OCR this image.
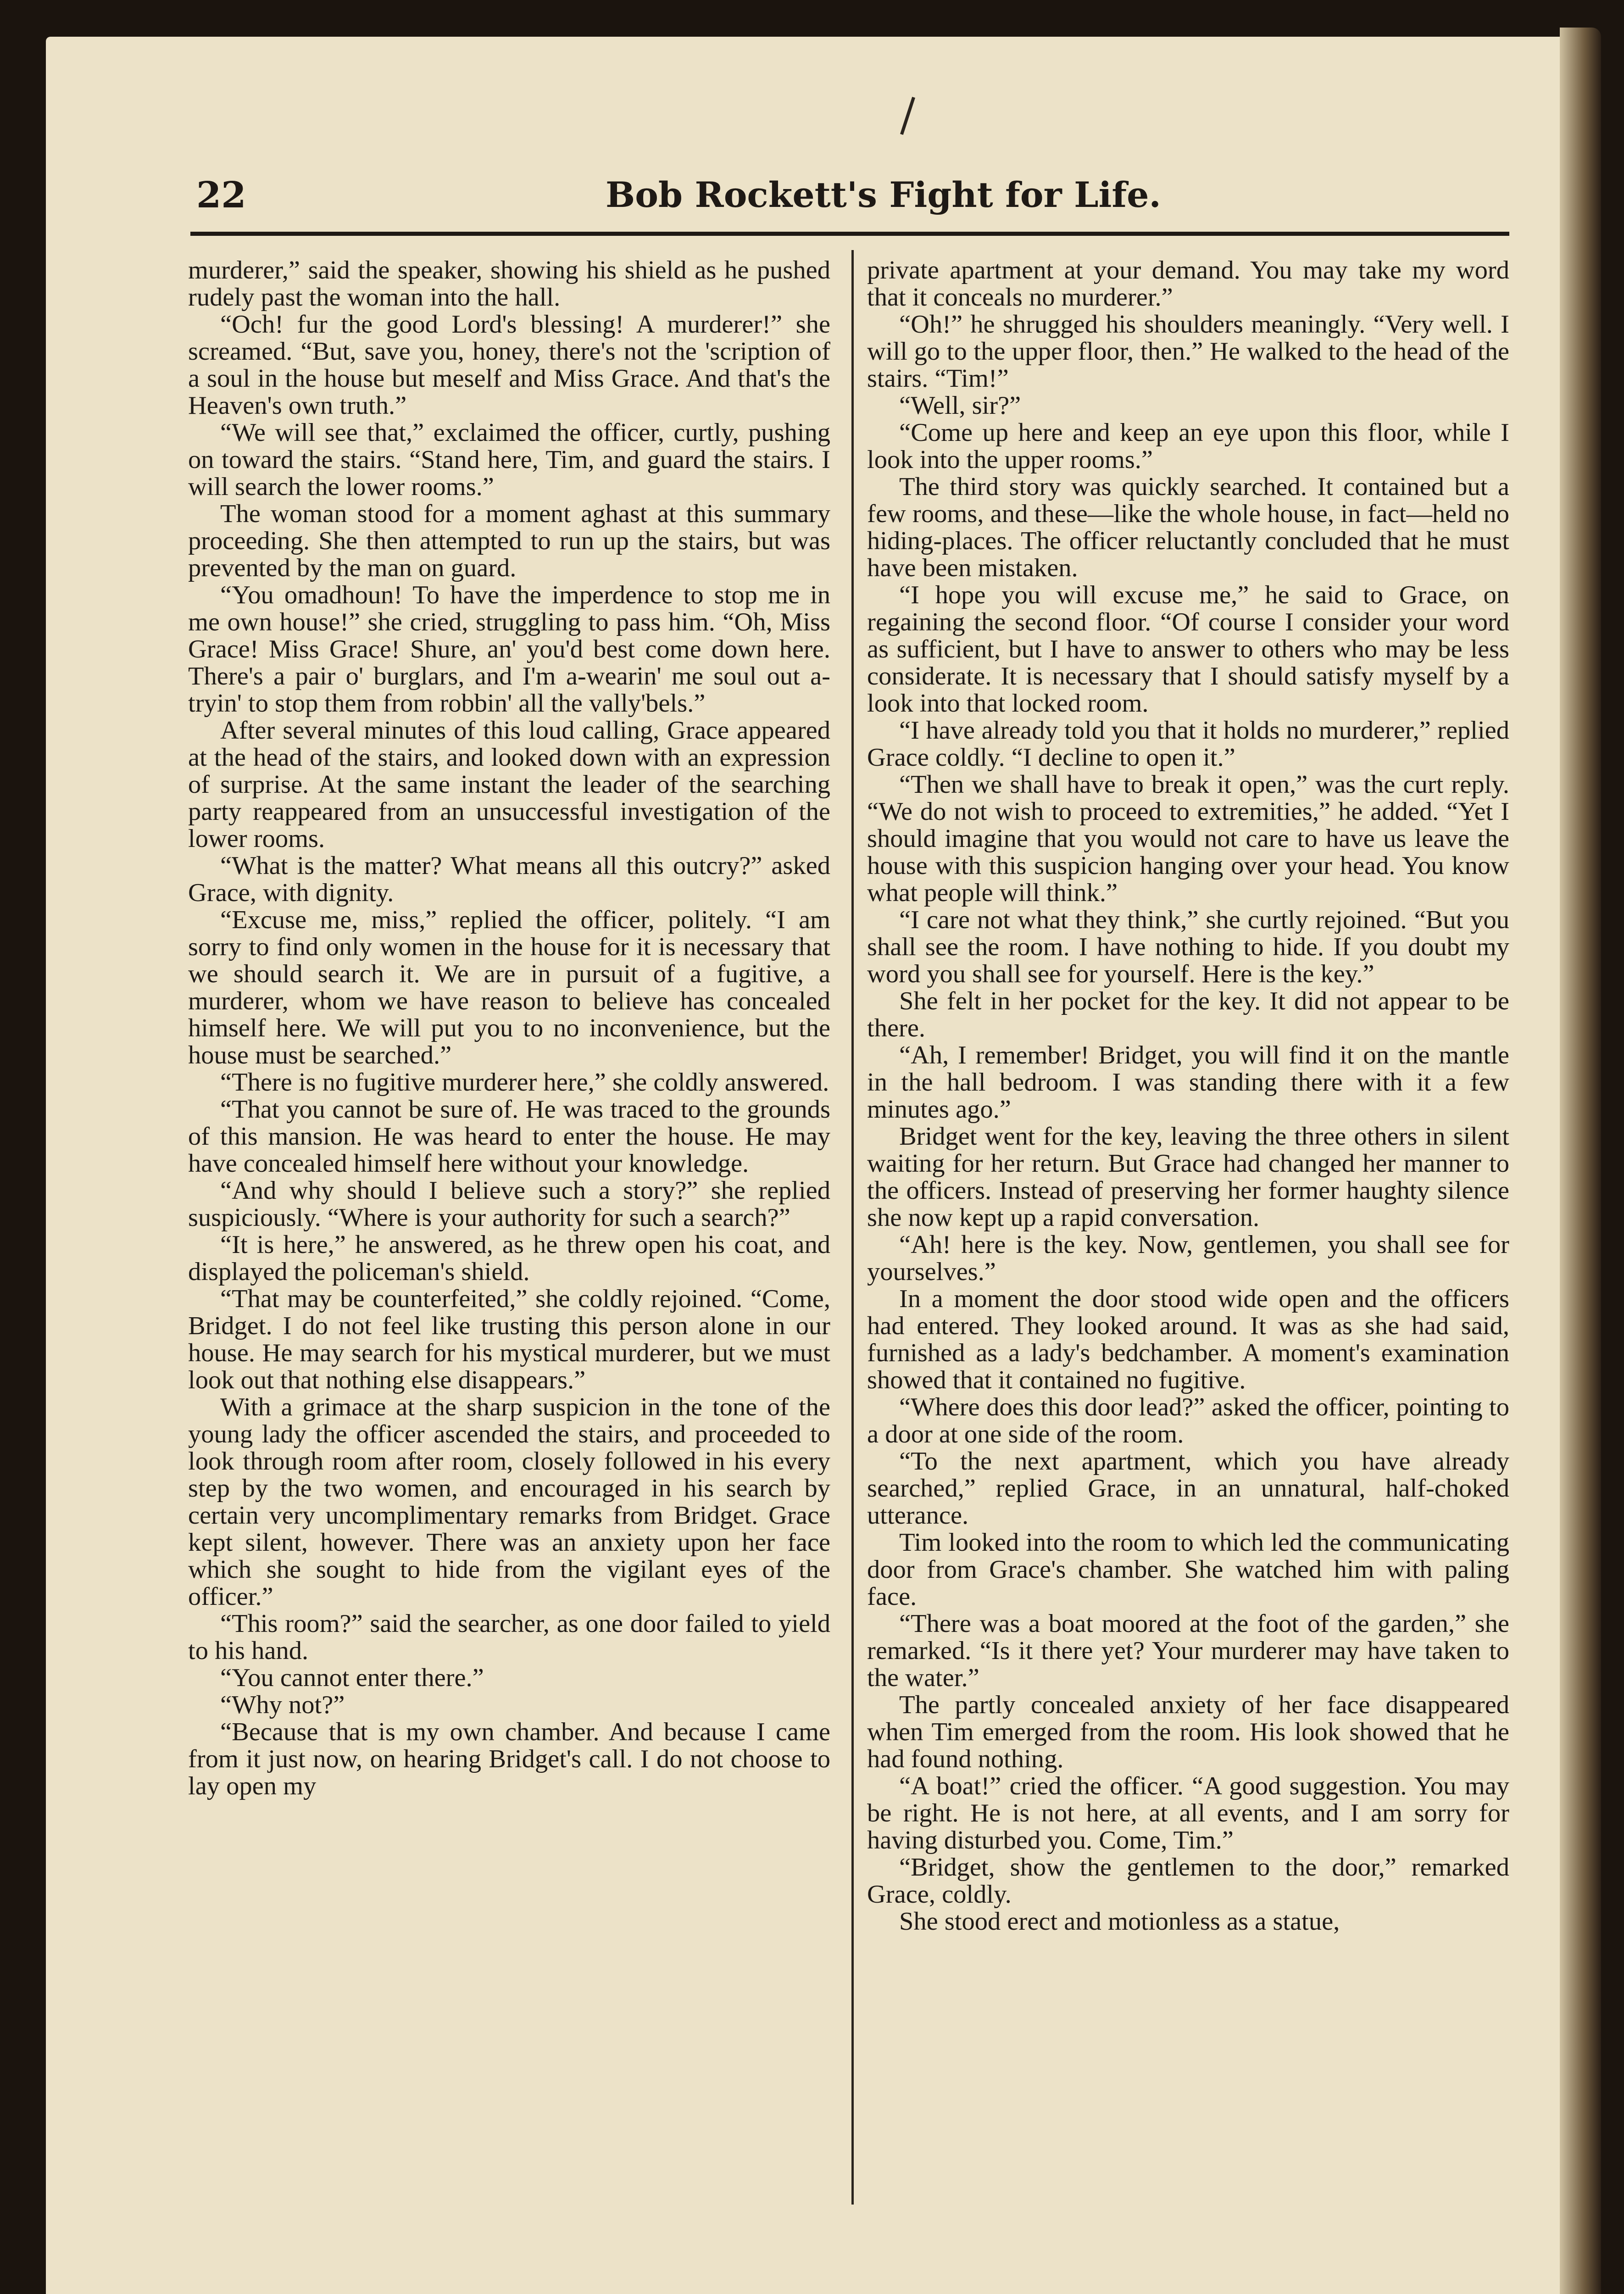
22	Bob Rockett's Fight for Life.

murderer,” said the speaker, showing his shield as he pushed rudely past the woman into the hall.

“Och! fur the good Lord's blessing! A murderer!” she screamed. “But, save you, honey, there's not the 'scription of a soul in the house but meself and Miss Grace. And that's the Heaven's own truth.”

“We will see that,” exclaimed the officer, curtly, pushing on toward the stairs. “Stand here, Tim, and guard the stairs. I will search the lower rooms.”

The woman stood for a moment aghast at this summary proceeding. She then attempted to run up the stairs, but was prevented by the man on guard.

“You omadhoun! To have the imperdence to stop me in me own house!” she cried, struggling to pass him. “Oh, Miss Grace! Miss Grace! Shure, an' you'd best come down here. There's a pair o' burglars, and I'm a-wearin' me soul out a-tryin' to stop them from robbin' all the vally'bels.”

After several minutes of this loud calling, Grace appeared at the head of the stairs, and looked down with an expression of surprise. At the same instant the leader of the searching party reappeared from an unsuccessful investigation of the lower rooms.

“What is the matter? What means all this outcry?” asked Grace, with dignity.

“Excuse me, miss,” replied the officer, politely. “I am sorry to find only women in the house for it is necessary that we should search it. We are in pursuit of a fugitive, a murderer, whom we have reason to believe has concealed himself here. We will put you to no inconvenience, but the house must be searched.”

“There is no fugitive murderer here,” she coldly answered.

“That you cannot be sure of. He was traced to the grounds of this mansion. He was heard to enter the house. He may have concealed himself here without your knowledge.

“And why should I believe such a story?” she replied suspiciously. “Where is your authority for such a search?”

“It is here,” he answered, as he threw open his coat, and displayed the policeman's shield.

“That may be counterfeited,” she coldly rejoined. “Come, Bridget. I do not feel like trusting this person alone in our house. He may search for his mystical murderer, but we must look out that nothing else disappears.”

With a grimace at the sharp suspicion in the tone of the young lady the officer ascended the stairs, and proceeded to look through room after room, closely followed in his every step by the two women, and encouraged in his search by certain very uncomplimentary remarks from Bridget. Grace kept silent, however. There was an anxiety upon her face which she sought to hide from the vigilant eyes of the officer.”

“This room?” said the searcher, as one door failed to yield to his hand.

“You cannot enter there.”

“Why not?”

“Because that is my own chamber. And because I came from it just now, on hearing Bridget's call. I do not choose to lay open my

private apartment at your demand. You may take my word that it conceals no murderer.”

“Oh!” he shrugged his shoulders meaningly. “Very well. I will go to the upper floor, then.” He walked to the head of the stairs. “Tim!”

“Well, sir?”

“Come up here and keep an eye upon this floor, while I look into the upper rooms.”

The third story was quickly searched. It contained but a few rooms, and these—like the whole house, in fact—held no hiding-places. The officer reluctantly concluded that he must have been mistaken.

“I hope you will excuse me,” he said to Grace, on regaining the second floor. “Of course I consider your word as sufficient, but I have to answer to others who may be less considerate. It is necessary that I should satisfy myself by a look into that locked room.

“I have already told you that it holds no murderer,” replied Grace coldly. “I decline to open it.”

“Then we shall have to break it open,” was the curt reply. “We do not wish to proceed to extremities,” he added. “Yet I should imagine that you would not care to have us leave the house with this suspicion hanging over your head. You know what people will think.”

“I care not what they think,” she curtly rejoined. “But you shall see the room. I have nothing to hide. If you doubt my word you shall see for yourself. Here is the key.”

She felt in her pocket for the key. It did not appear to be there.

“Ah, I remember! Bridget, you will find it on the mantle in the hall bedroom. I was standing there with it a few minutes ago.”

Bridget went for the key, leaving the three others in silent waiting for her return. But Grace had changed her manner to the officers. Instead of preserving her former haughty silence she now kept up a rapid conversation.

“Ah! here is the key. Now, gentlemen, you shall see for yourselves.”

In a moment the door stood wide open and the officers had entered. They looked around. It was as she had said, furnished as a lady's bedchamber. A moment's examination showed that it contained no fugitive.

“Where does this door lead?” asked the officer, pointing to a door at one side of the room.

“To the next apartment, which you have already searched,” replied Grace, in an unnatural, half-choked utterance.

Tim looked into the room to which led the communicating door from Grace's chamber. She watched him with paling face.

“There was a boat moored at the foot of the garden,” she remarked. “Is it there yet? Your murderer may have taken to the water.”

The partly concealed anxiety of her face disappeared when Tim emerged from the room. His look showed that he had found nothing.

“A boat!” cried the officer. “A good suggestion. You may be right. He is not here, at all events, and I am sorry for having disturbed you. Come, Tim.”

“Bridget, show the gentlemen to the door,” remarked Grace, coldly.

She stood erect and motionless as a statue,
